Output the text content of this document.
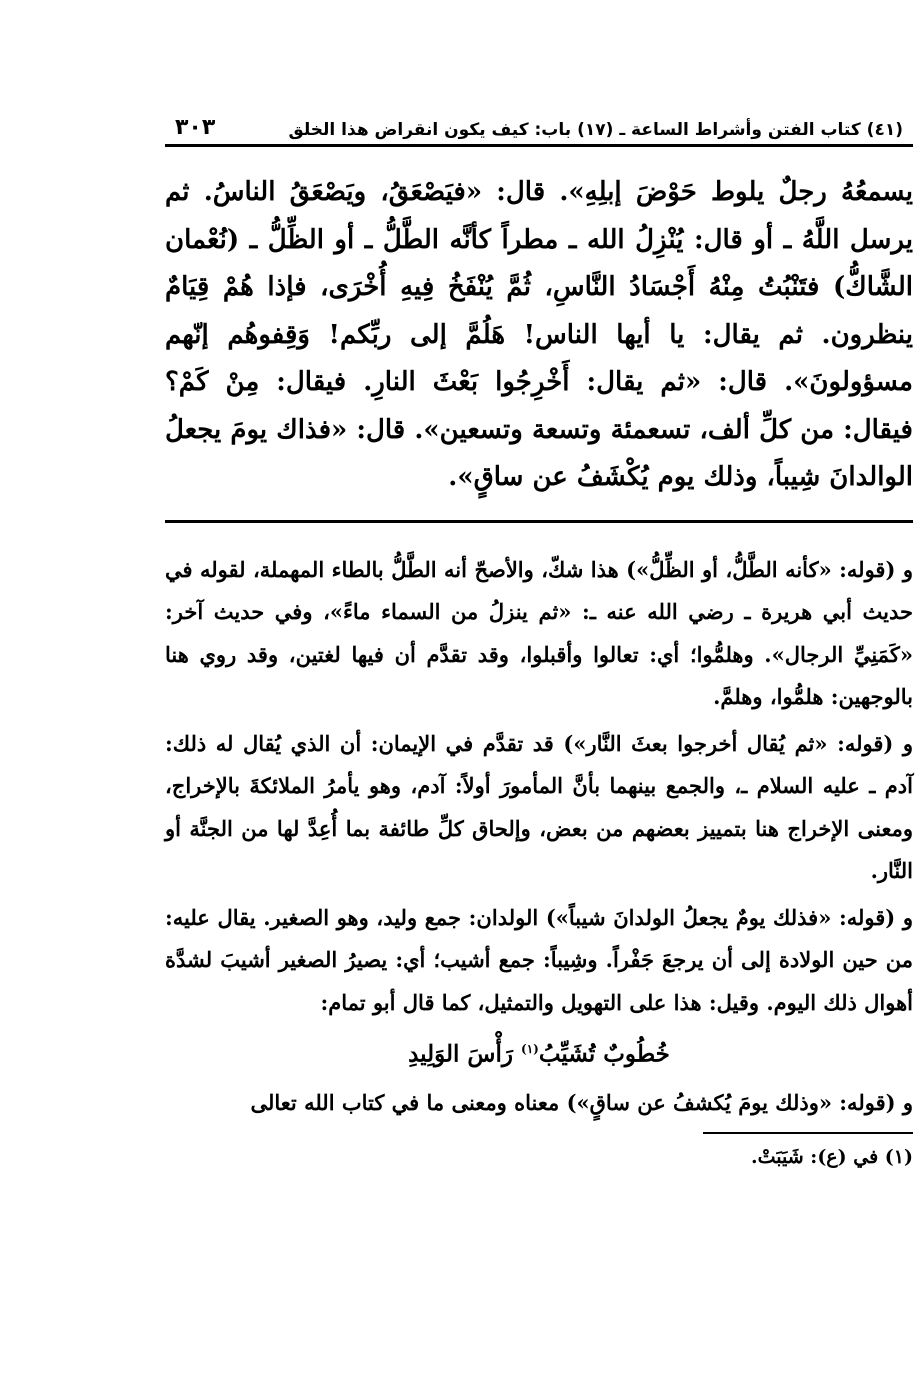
(٤١) كتاب الفتن وأشراط الساعة ـ (١٧) باب: كيف يكون انقراض هذا الخلق
٣٠٣
يسمعُهُ رجلٌ يلوط حَوْضَ إبلِهِ». قال: «فيَصْعَقُ، ويَصْعَقُ الناسُ. ثم يرسل اللَّهُ ـ أو قال: يُنْزِلُ الله ـ مطراً كأنَّه الطَّلُّ ـ أو الظِّلُّ ـ (نُعْمان الشَّاكُّ) فتَنْبُتُ مِنْهُ أَجْسَادُ النَّاسِ، ثُمَّ يُنْفَخُ فِيهِ أُخْرَى، فإذا هُمْ قِيَامٌ ينظرون. ثم يقال: يا أيها الناس! هَلُمَّ إلى ربِّكم! وَقِفوهُم إنّهم مسؤولونَ». قال: «ثم يقال: أَخْرِجُوا بَعْثَ النارِ. فيقال: مِنْ كَمْ؟ فيقال: من كلِّ ألف، تسعمئة وتسعة وتسعين». قال: «فذاك يومَ يجعلُ الوالدانَ شِيباً، وذلك يوم يُكْشَفُ عن ساقٍ».

و (قوله: «كأنه الطَّلُّ، أو الظِّلُّ») هذا شكّ، والأصحّ أنه الطَّلُّ بالطاء المهملة، لقوله في حديث أبي هريرة ـ رضي الله عنه ـ: «ثم ينزلُ من السماء ماءً»، وفي حديث آخر: «كَمَنِيِّ الرجال». وهلمُّوا؛ أي: تعالوا وأقبلوا، وقد تقدَّم أن فيها لغتين، وقد روي هنا بالوجهين: هلمُّوا، وهلمَّ.

و (قوله: «ثم يُقال أخرجوا بعثَ النَّار») قد تقدَّم في الإيمان: أن الذي يُقال له ذلك: آدم ـ عليه السلام ـ، والجمع بينهما بأنَّ المأمورَ أولاً: آدم، وهو يأمرُ الملائكةَ بالإخراج، ومعنى الإخراج هنا بتمييز بعضهم من بعض، وإلحاق كلِّ طائفة بما أُعِدَّ لها من الجنَّة أو النَّار.

و (قوله: «فذلك يومٌ يجعلُ الولدانَ شيباً») الولدان: جمع وليد، وهو الصغير. يقال عليه: من حين الولادة إلى أن يرجعَ جَفْراً. وشِيباً: جمع أشيب؛ أي: يصيرُ الصغير أشيبَ لشدَّة أهوال ذلك اليوم. وقيل: هذا على التهويل والتمثيل، كما قال أبو تمام:

خُطُوبٌ تُشَيِّبُ$^{(١)}$ رَأْسَ الوَلِيدِ

و (قوله: «وذلك يومَ يُكشفُ عن ساقٍ») معناه ومعنى ما في كتاب الله تعالى

(١) في (ع): شَيَبَتْ.
